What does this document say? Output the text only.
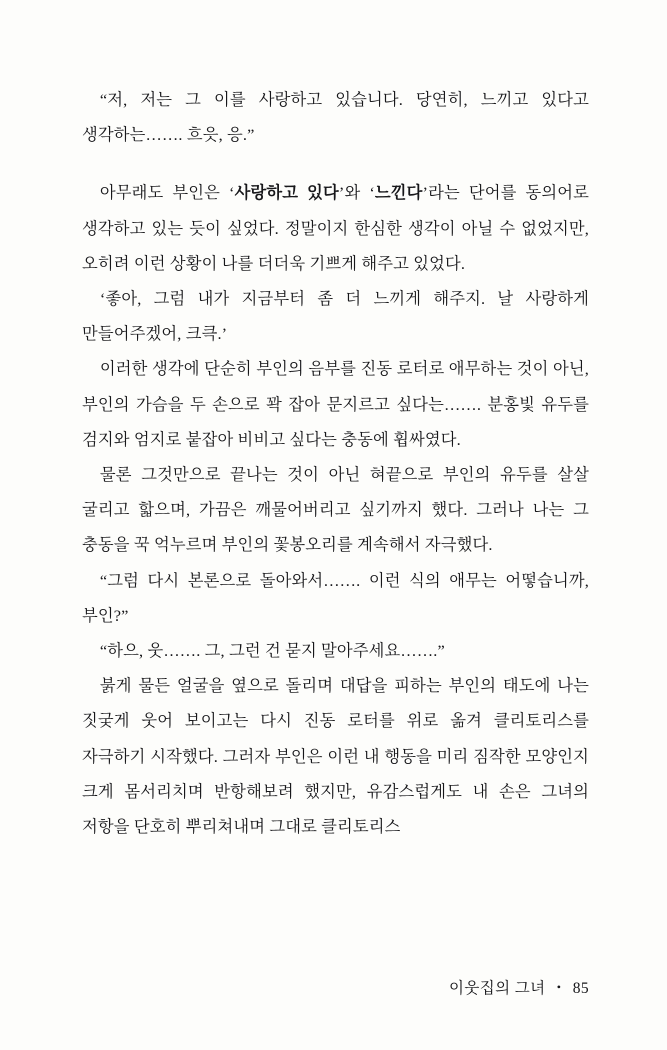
“저, 저는 그 이를 사랑하고 있습니다. 당연히, 느끼고 있다고 생각하는……. 흐읏, 응.”

아무래도 부인은 ‘사랑하고 있다’와 ‘느낀다’라는 단어를 동의어로 생각하고 있는 듯이 싶었다. 정말이지 한심한 생각이 아닐 수 없었지만, 오히려 이런 상황이 나를 더더욱 기쁘게 해주고 있었다.

‘좋아, 그럼 내가 지금부터 좀 더 느끼게 해주지. 날 사랑하게 만들어주겠어, 크큭.’

이러한 생각에 단순히 부인의 음부를 진동 로터로 애무하는 것이 아닌, 부인의 가슴을 두 손으로 꽉 잡아 문지르고 싶다는……. 분홍빛 유두를 검지와 엄지로 붙잡아 비비고 싶다는 충동에 휩싸였다.

물론 그것만으로 끝나는 것이 아닌 혀끝으로 부인의 유두를 살살 굴리고 핣으며, 가끔은 깨물어버리고 싶기까지 했다. 그러나 나는 그 충동을 꾹 억누르며 부인의 꽃봉오리를 계속해서 자극했다.

“그럼 다시 본론으로 돌아와서……. 이런 식의 애무는 어떻습니까, 부인?”

“하으, 웃……. 그, 그런 건 묻지 말아주세요…….”

붉게 물든 얼굴을 옆으로 돌리며 대답을 피하는 부인의 태도에 나는 짓궂게 웃어 보이고는 다시 진동 로터를 위로 옮겨 클리토리스를 자극하기 시작했다. 그러자 부인은 이런 내 행동을 미리 짐작한 모양인지 크게 몸서리치며 반항해보려 했지만, 유감스럽게도 내 손은 그녀의 저항을 단호히 뿌리쳐내며 그대로 클리토리스

이웃집의 그녀 • 85
